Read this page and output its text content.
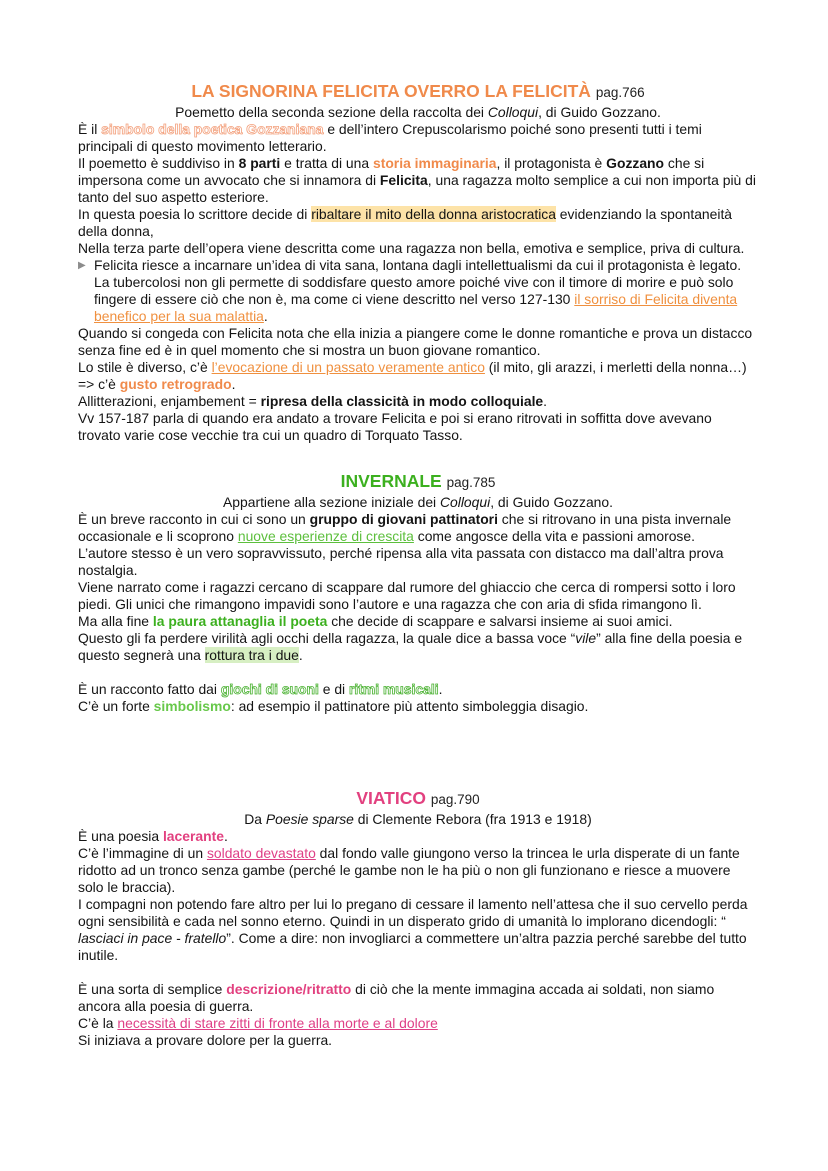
LA SIGNORINA FELICITA OVERRO LA FELICITÀ pag.766

Poemetto della seconda sezione della raccolta dei Colloqui, di Guido Gozzano.

È il simbolo della poetica Gozzaniana e dell’intero Crepuscolarismo poiché sono presenti tutti i temi principali di questo movimento letterario.

Il poemetto è suddiviso in 8 parti e tratta di una storia immaginaria, il protagonista è Gozzano che si impersona come un avvocato che si innamora di Felicita, una ragazza molto semplice a cui non importa più di tanto del suo aspetto esteriore.

In questa poesia lo scrittore decide di ribaltare il mito della donna aristocratica evidenziando la spontaneità della donna,

Nella terza parte dell’opera viene descritta come una ragazza non bella, emotiva e semplice, priva di cultura.

▶ Felicita riesce a incarnare un’idea di vita sana, lontana dagli intellettualismi da cui il protagonista è legato. La tubercolosi non gli permette di soddisfare questo amore poiché vive con il timore di morire e può solo fingere di essere ciò che non è, ma come ci viene descritto nel verso 127-130 il sorriso di Felicita diventa benefico per la sua malattia.

Quando si congeda con Felicita nota che ella inizia a piangere come le donne romantiche e prova un distacco senza fine ed è in quel momento che si mostra un buon giovane romantico.

Lo stile è diverso, c’è l’evocazione di un passato veramente antico (il mito, gli arazzi, i merletti della nonna…) => c’è gusto retrogrado.

Allitterazioni, enjambement = ripresa della classicità in modo colloquiale.

Vv 157-187 parla di quando era andato a trovare Felicita e poi si erano ritrovati in soffitta dove avevano trovato varie cose vecchie tra cui un quadro di Torquato Tasso.

INVERNALE pag.785

Appartiene alla sezione iniziale dei Colloqui, di Guido Gozzano.

È un breve racconto in cui ci sono un gruppo di giovani pattinatori che si ritrovano in una pista invernale occasionale e li scoprono nuove esperienze di crescita come angosce della vita e passioni amorose.

L’autore stesso è un vero sopravvissuto, perché ripensa alla vita passata con distacco ma dall’altra prova nostalgia.

Viene narrato come i ragazzi cercano di scappare dal rumore del ghiaccio che cerca di rompersi sotto i loro piedi. Gli unici che rimangono impavidi sono l’autore e una ragazza che con aria di sfida rimangono lì.

Ma alla fine la paura attanaglia il poeta che decide di scappare e salvarsi insieme ai suoi amici.

Questo gli fa perdere virilità agli occhi della ragazza, la quale dice a bassa voce “vile” alla fine della poesia e questo segnerà una rottura tra i due.

È un racconto fatto dai giochi di suoni e di ritmi musicali.

C’è un forte simbolismo: ad esempio il pattinatore più attento simboleggia disagio.

VIATICO pag.790

Da Poesie sparse di Clemente Rebora (fra 1913 e 1918)

È una poesia lacerante.

C’è l’immagine di un soldato devastato dal fondo valle giungono verso la trincea le urla disperate di un fante ridotto ad un tronco senza gambe (perché le gambe non le ha più o non gli funzionano e riesce a muovere solo le braccia).

I compagni non potendo fare altro per lui lo pregano di cessare il lamento nell’attesa che il suo cervello perda ogni sensibilità e cada nel sonno eterno. Quindi in un disperato grido di umanità lo implorano dicendogli: “ lasciaci in pace - fratello”. Come a dire: non invogliarci a commettere un’altra pazzia perché sarebbe del tutto inutile.

È una sorta di semplice descrizione/ritratto di ciò che la mente immagina accada ai soldati, non siamo ancora alla poesia di guerra.

C’è la necessità di stare zitti di fronte alla morte e al dolore

Si iniziava a provare dolore per la guerra.
